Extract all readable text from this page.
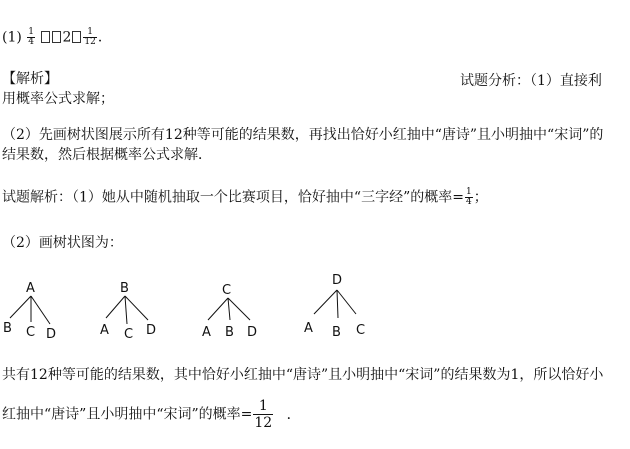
$(1) \frac{1}{4} 2 \frac{1}{12}$ ．
【解析】	试题分析：（1）直接利
用概率公式求解；
（2）先画树状图展示所有12种等可能的结果数，再找出恰好小红抽中“唐诗”且小明抽中“宋词”的
结果数，然后根据概率公式求解．
试题解析：（1）她从中随机抽取一个比赛项目，恰好抽中“三字经”的概率= $\frac{1}{4}$ ；
（2）画树状图为：
A
B C D
B
A C D
C
A B D
D
A B C
共有12种等可能的结果数，其中恰好小红抽中“唐诗”且小明抽中“宋词”的结果数为1，所以恰好小
红抽中“唐诗”且小明抽中“宋词”的概率= $\frac{1}{12}$ ．
